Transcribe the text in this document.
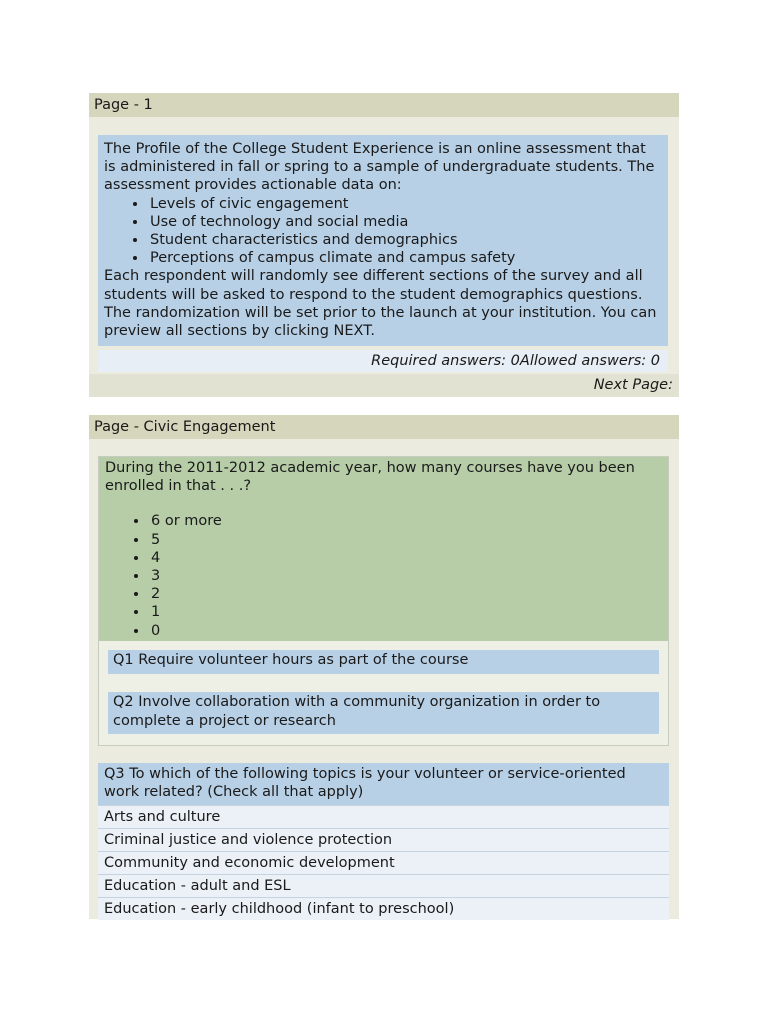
Page - 1
The Profile of the College Student Experience is an online assessment that is administered in fall or spring to a sample of undergraduate students. The assessment provides actionable data on:
• Levels of civic engagement
• Use of technology and social media
• Student characteristics and demographics
• Perceptions of campus climate and campus safety
Each respondent will randomly see different sections of the survey and all students will be asked to respond to the student demographics questions. The randomization will be set prior to the launch at your institution. You can preview all sections by clicking NEXT.
Required answers: 0Allowed answers: 0
Next Page:
Page - Civic Engagement
During the 2011-2012 academic year, how many courses have you been enrolled in that . . .?
• 6 or more
• 5
• 4
• 3
• 2
• 1
• 0
Q1 Require volunteer hours as part of the course
Q2 Involve collaboration with a community organization in order to complete a project or research
Q3 To which of the following topics is your volunteer or service-oriented work related? (Check all that apply)
Arts and culture
Criminal justice and violence protection
Community and economic development
Education - adult and ESL
Education - early childhood (infant to preschool)
